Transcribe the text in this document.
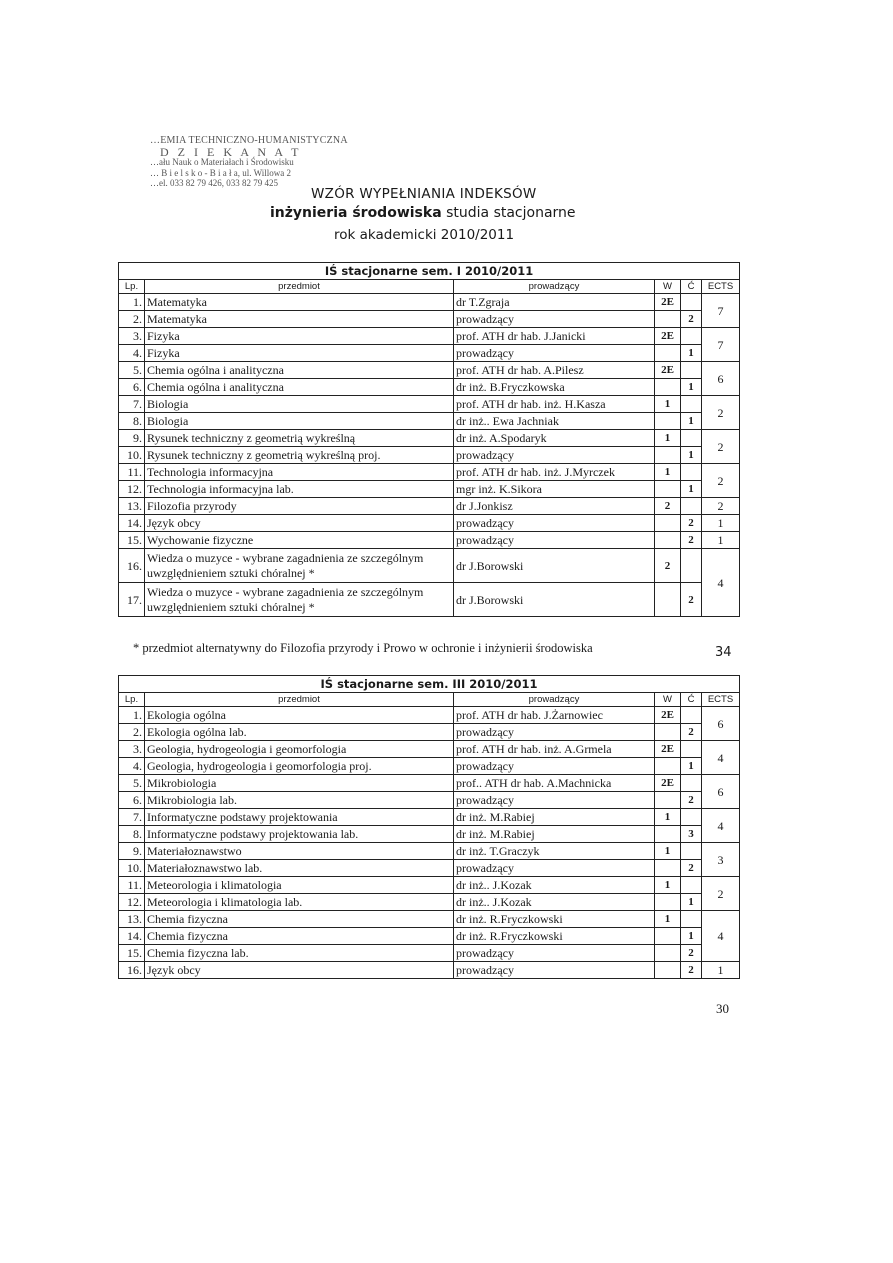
…EMIA TECHNICZNO-HUMANISTYCZNA
D Z I E K A N A T
…ału Nauk o Materiałach i Środowisku
… B i e l s k o - B i a ł a, ul. Willowa 2
…el. 033 82 79 426, 033 82 79 425
WZÓR WYPEŁNIANIA INDEKSÓW
inżynieria środowiska studia stacjonarne
rok akademicki 2010/2011
IŚ stacjonarne sem. I 2010/2011					
Lp.	przedmiot	prowadzący	W	Ć	ECTS
1.	Matematyka	dr T.Zgraja	2E		7
2.	Matematyka	prowadzący		2	
3.	Fizyka	prof. ATH dr hab. J.Janicki	2E		7
4.	Fizyka	prowadzący		1	
5.	Chemia ogólna i analityczna	prof. ATH dr hab. A.Pilesz	2E		6
6.	Chemia ogólna i analityczna	dr inż. B.Fryczkowska		1	
7.	Biologia	prof. ATH dr hab. inż. H.Kasza	1		2
8.	Biologia	dr inż.. Ewa Jachniak		1	
9.	Rysunek techniczny z geometrią wykreślną	dr inż. A.Spodaryk	1		2
10.	Rysunek techniczny z geometrią wykreślną proj.	prowadzący		1	
11.	Technologia informacyjna	prof. ATH dr hab. inż. J.Myrczek	1		2
12.	Technologia informacyjna lab.	mgr inż. K.Sikora		1	
13.	Filozofia przyrody	dr J.Jonkisz	2		2
14.	Język obcy	prowadzący		2	1
15.	Wychowanie fizyczne	prowadzący		2	1
16.	Wiedza o muzyce - wybrane zagadnienia ze szczególnym uwzględnieniem sztuki chóralnej *	dr J.Borowski	2		4
17.	Wiedza o muzyce - wybrane zagadnienia ze szczególnym uwzględnieniem sztuki chóralnej *	dr J.Borowski		2	
* przedmiot alternatywny do Filozofia przyrody i Prowo w ochronie i inżynierii środowiska	34
IŚ stacjonarne sem. III 2010/2011					
Lp.	przedmiot	prowadzący	W	Ć	ECTS
1.	Ekologia ogólna	prof. ATH dr hab. J.Żarnowiec	2E		6
2.	Ekologia ogólna lab.	prowadzący		2	
3.	Geologia, hydrogeologia i geomorfologia	prof. ATH dr hab. inż. A.Grmela	2E		4
4.	Geologia, hydrogeologia i geomorfologia proj.	prowadzący		1	
5.	Mikrobiologia	prof.. ATH dr hab. A.Machnicka	2E		6
6.	Mikrobiologia lab.	prowadzący		2	
7.	Informatyczne podstawy projektowania	dr inż. M.Rabiej	1		4
8.	Informatyczne podstawy projektowania lab.	dr inż. M.Rabiej		3	
9.	Materiałoznawstwo	dr inż. T.Graczyk	1		3
10.	Materiałoznawstwo lab.	prowadzący		2	
11.	Meteorologia i klimatologia	dr inż.. J.Kozak	1		2
12.	Meteorologia i klimatologia lab.	dr inż.. J.Kozak		1	
13.	Chemia fizyczna	dr inż. R.Fryczkowski	1		4
14.	Chemia fizyczna	dr inż. R.Fryczkowski		1	
15.	Chemia fizyczna lab.	prowadzący		2	
16.	Język obcy	prowadzący		2	1
30
